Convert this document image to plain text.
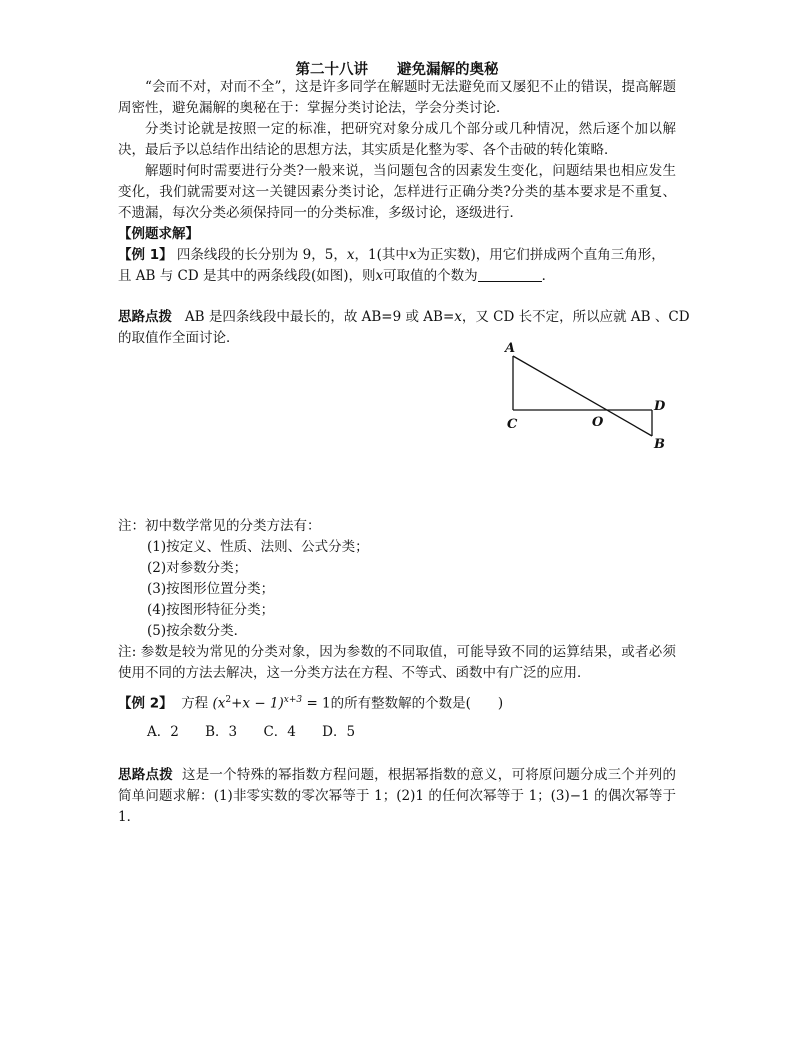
第二十八讲　　避免漏解的奥秘
“会而不对，对而不全”，这是许多同学在解题时无法避免而又屡犯不止的错误，提高解题周密性，避免漏解的奥秘在于：掌握分类讨论法，学会分类讨论．
分类讨论就是按照一定的标准，把研究对象分成几个部分或几种情况，然后逐个加以解决，最后予以总结作出结论的思想方法，其实质是化整为零、各个击破的转化策略．
解题时何时需要进行分类?一般来说，当问题包含的因素发生变化，问题结果也相应发生变化，我们就需要对这一关键因素分类讨论，怎样进行正确分类?分类的基本要求是不重复、不遗漏，每次分类必须保持同一的分类标准，多级讨论，逐级进行．
【例题求解】
【例 1】 四条线段的长分别为 9，5，x，1(其中x为正实数)，用它们拼成两个直角三角形，
且 AB 与 CD 是其中的两条线段(如图)，则x可取值的个数为	．
思路点拨 AB 是四条线段中最长的，故 AB=9 或 AB=x，又 CD 长不定，所以应就 AB 、CD
的取值作全面讨论．
A
C	O
D
B
注：初中数学常见的分类方法有：
(1)按定义、性质、法则、公式分类；
(2)对参数分类；
(3)按图形位置分类；
(4)按图形特征分类；
(5)按余数分类．
注: 参数是较为常见的分类对象，因为参数的不同取值，可能导致不同的运算结果，或者必须使用不同的方法去解决，这一分类方法在方程、不等式、函数中有广泛的应用．
【例 2】 方程 $(x^2+x - 1)^{x+3} = 1$的所有整数解的个数是(　　)
A．2 B．3 C．4 D．5
思路点拨 这是一个特殊的幂指数方程问题，根据幂指数的意义，可将原问题分成三个并列的简单问题求解：(1)非零实数的零次幂等于 1；(2)1 的任何次幂等于 1；(3)−1 的偶次幂等于 1．
